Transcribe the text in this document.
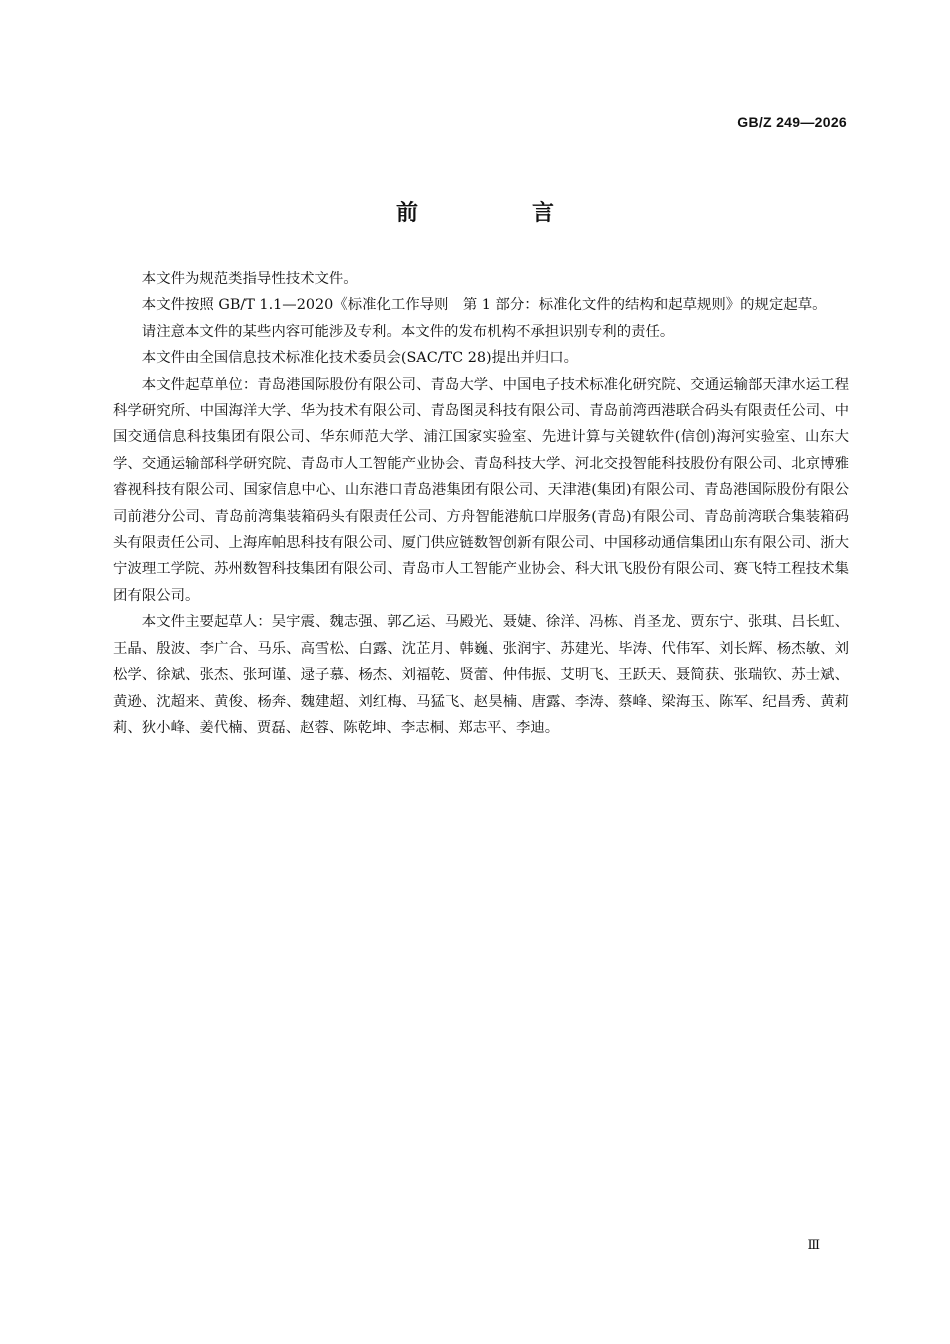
GB/Z 249—2026
前　言

本文件为规范类指导性技术文件。

本文件按照 GB/T 1.1—2020《标准化工作导则　第 1 部分：标准化文件的结构和起草规则》的规定起草。

请注意本文件的某些内容可能涉及专利。本文件的发布机构不承担识别专利的责任。

本文件由全国信息技术标准化技术委员会(SAC/TC 28)提出并归口。

本文件起草单位：青岛港国际股份有限公司、青岛大学、中国电子技术标准化研究院、交通运输部天津水运工程科学研究所、中国海洋大学、华为技术有限公司、青岛图灵科技有限公司、青岛前湾西港联合码头有限责任公司、中国交通信息科技集团有限公司、华东师范大学、浦江国家实验室、先进计算与关键软件(信创)海河实验室、山东大学、交通运输部科学研究院、青岛市人工智能产业协会、青岛科技大学、河北交投智能科技股份有限公司、北京博雅睿视科技有限公司、国家信息中心、山东港口青岛港集团有限公司、天津港(集团)有限公司、青岛港国际股份有限公司前港分公司、青岛前湾集装箱码头有限责任公司、方舟智能港航口岸服务(青岛)有限公司、青岛前湾联合集装箱码头有限责任公司、上海库帕思科技有限公司、厦门供应链数智创新有限公司、中国移动通信集团山东有限公司、浙大宁波理工学院、苏州数智科技集团有限公司、青岛市人工智能产业协会、科大讯飞股份有限公司、赛飞特工程技术集团有限公司。

本文件主要起草人：吴宇震、魏志强、郭乙运、马殿光、聂婕、徐洋、冯栋、肖圣龙、贾东宁、张琪、吕长虹、王晶、殷波、李广合、马乐、高雪松、白露、沈芷月、韩巍、张润宇、苏建光、毕涛、代伟军、刘长辉、杨杰敏、刘松学、徐斌、张杰、张珂谨、逯子慕、杨杰、刘福乾、贤蕾、仲伟振、艾明飞、王跃天、聂简获、张瑞钦、苏士斌、黄逊、沈超来、黄俊、杨奔、魏建超、刘红梅、马猛飞、赵昊楠、唐露、李涛、蔡峰、梁海玉、陈军、纪昌秀、黄莉莉、狄小峰、姜代楠、贾磊、赵蓉、陈乾坤、李志桐、郑志平、李迪。

Ⅲ
